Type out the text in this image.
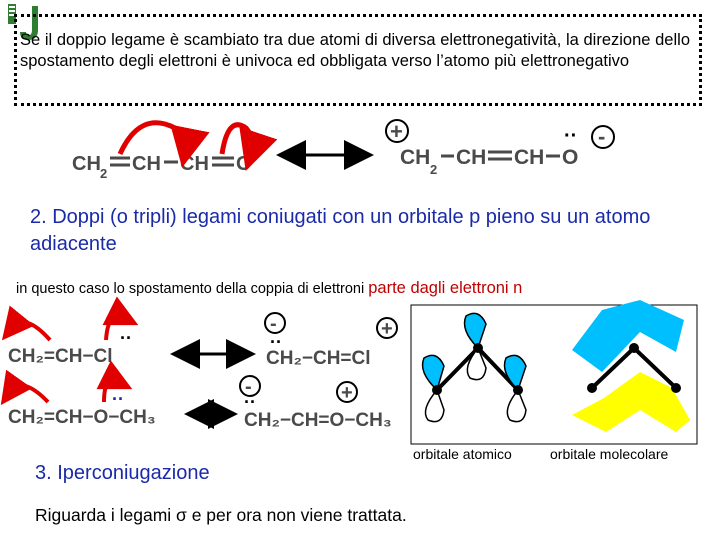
Se il doppio legame è scambiato tra due atomi di diversa elettronegatività, la direzione dello spostamento degli elettroni è univoca ed obbligata verso l’atomo più elettronegativo
CH 2 CH CH O
+
CH
2
CH CH O
·· -
CH₂=CH−Cl
··
-
··
CH₂−CH=Cl
+
CH₂=CH−O−CH₃
··
-
··
CH₂−CH=O−CH₃
+
2. Doppi (o tripli) legami coniugati con un orbitale p pieno su un atomo adiacente
in questo caso lo spostamento della coppia di elettroni parte dagli elettroni n
orbitale atomico	orbitale molecolare
3. Iperconiugazione
Riguarda i legami σ e per ora non viene trattata.
